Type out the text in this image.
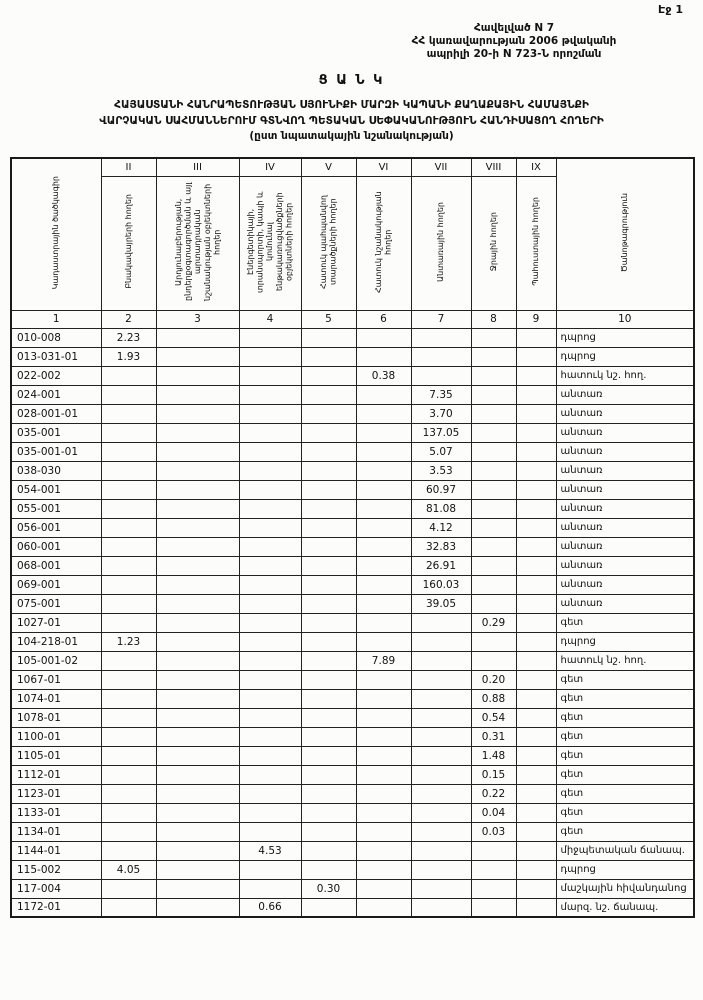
Էջ 1
Հավելված N 7
ՀՀ կառավարության 2006 թվականի
ապրիլի 20-ի N 723-Ն որոշման
Ց Ա Ն Կ
ՀԱՅԱՍՏԱՆԻ ՀԱՆՐԱՊԵՏՈՒԹՅԱՆ ՍՅՈՒՆԻՔԻ ՄԱՐԶԻ ԿԱՊԱՆԻ ՔԱՂԱՔԱՅԻՆ ՀԱՄԱՅՆՔԻ
ՎԱՐՉԱԿԱՆ ՍԱՀՄԱՆՆԵՐՈՒՄ ԳՏՆՎՈՂ ՊԵՏԱԿԱՆ ՍԵՓԱԿԱՆՈՒԹՅՈՒՆ ՀԱՆԴԻՍԱՑՈՂ ՀՈՂԵՐԻ
(ըստ նպատակային նշանակության)
Կադաստրային ծածկագիր	II	III	IV	V	VI	VII	VIII	IX	Ծանոթագրություն
	Բնակավայրերի հողեր	Արդյունաբերության, ընդերքօգտագործման և այլ արտադրական նշանակության օբյեկտների հողեր	Էներգետիկայի, տրանսպորտի, կապի և կոմունալ ենթակառուցվածքների օբյեկտների հողեր	Հատուկ պահպանվող տարածքների հողեր	Հատուկ նշանակության հողեր	Անտառային հողեր	Ջրային հողեր	Պահուստային հողեր	
1	2	3	4	5	6	7	8	9	10
010-008	2.23								դպրոց
013-031-01	1.93								դպրոց
022-002					0.38				հատուկ նշ. հող.
024-001						7.35			անտառ
028-001-01						3.70			անտառ
035-001						137.05			անտառ
035-001-01						5.07			անտառ
038-030						3.53			անտառ
054-001						60.97			անտառ
055-001						81.08			անտառ
056-001						4.12			անտառ
060-001						32.83			անտառ
068-001						26.91			անտառ
069-001						160.03			անտառ
075-001						39.05			անտառ
1027-01							0.29		գետ
104-218-01	1.23								դպրոց
105-001-02					7.89				հատուկ նշ. հող.
1067-01							0.20		գետ
1074-01							0.88		գետ
1078-01							0.54		գետ
1100-01							0.31		գետ
1105-01							1.48		գետ
1112-01							0.15		գետ
1123-01							0.22		գետ
1133-01							0.04		գետ
1134-01							0.03		գետ
1144-01			4.53						միջպետական ճանապ.
115-002	4.05								դպրոց
117-004				0.30					մաշկային հիվանդանոց
1172-01			0.66						մարզ. նշ. ճանապ.
